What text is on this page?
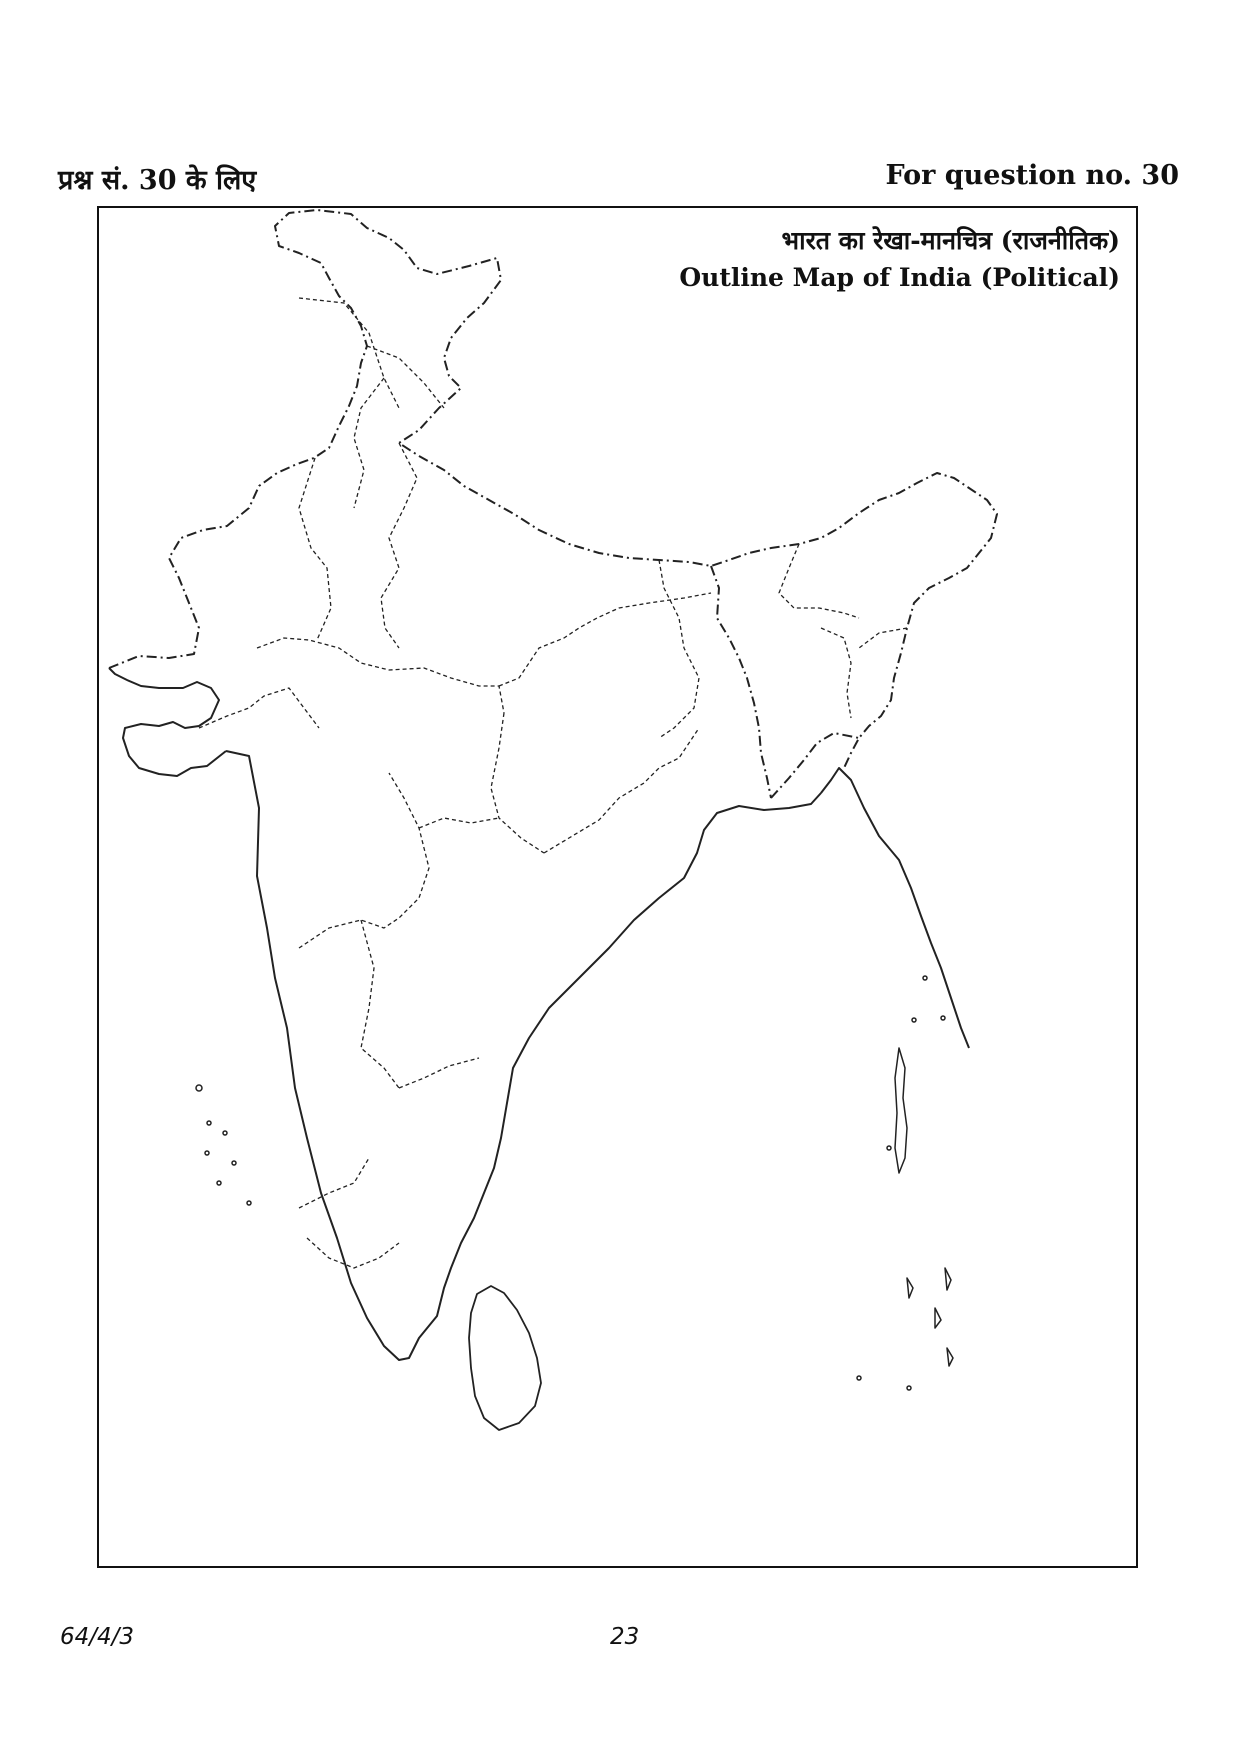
प्रश्न सं. 30 के लिए	For question no. 30
भारत का रेखा-मानचित्र (राजनीतिक)
Outline Map of India (Political)
64/4/3	23
